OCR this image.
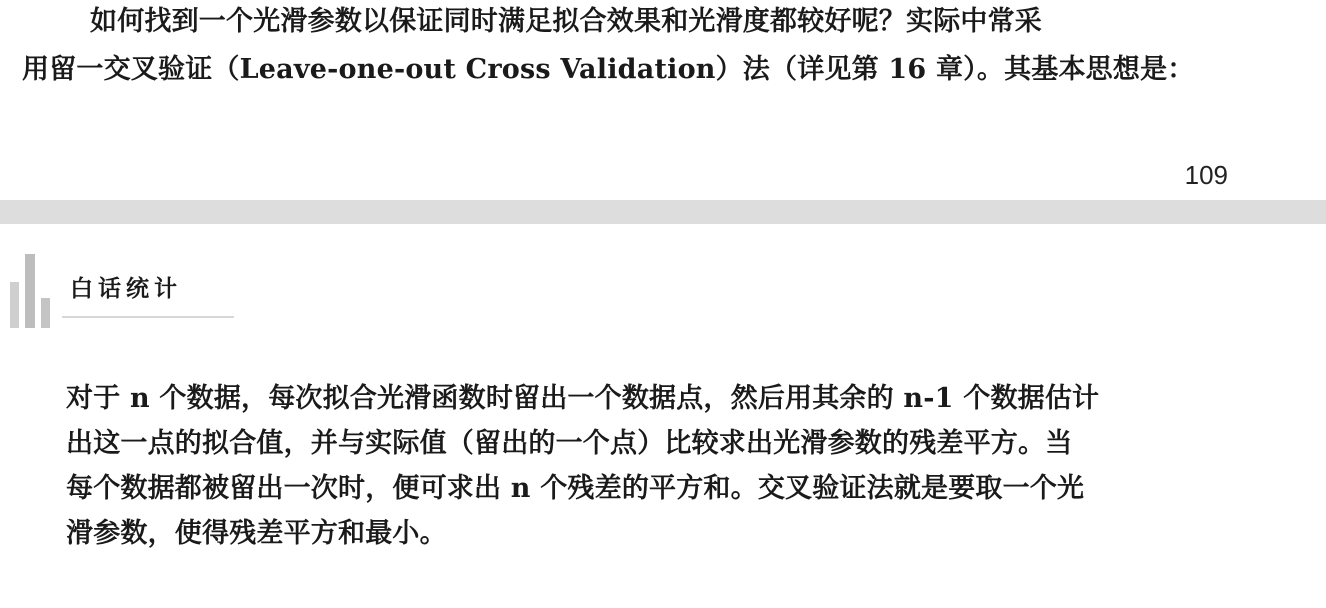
如何找到一个光滑参数以保证同时满足拟合效果和光滑度都较好呢？实际中常采
用留一交叉验证（Leave-one-out Cross Validation）法（详见第 16 章）。其基本思想是：
109
白话统计
对于 n 个数据，每次拟合光滑函数时留出一个数据点，然后用其余的 n-1 个数据估计
出这一点的拟合值，并与实际值（留出的一个点）比较求出光滑参数的残差平方。当
每个数据都被留出一次时，便可求出 n 个残差的平方和。交叉验证法就是要取一个光
滑参数，使得残差平方和最小。
